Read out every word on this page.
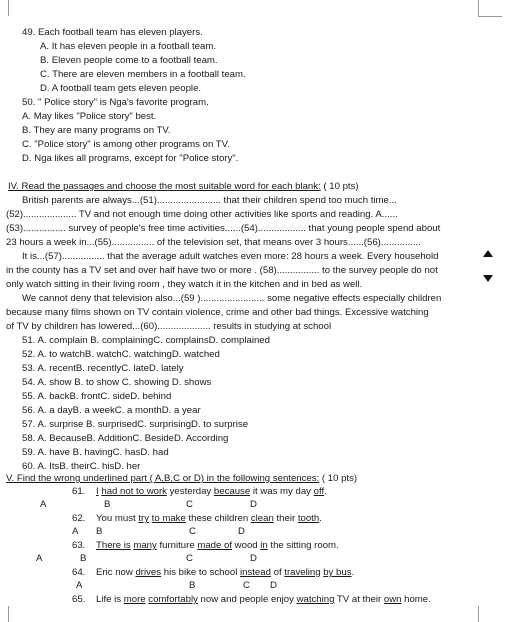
49. Each football team has eleven players.
A. It has eleven people in a football team.
B. Eleven people come to a football team.
C. There are eleven members in a football team.
D. A football team gets eleven people.
50. " Police story" is Nga's favorite program.
A. May likes "Police story" best.
B. They are many programs on TV.
C. "Police story" is among other programs on TV.
D. Nga likes all programs, except for "Police story".
IV. Read the passages and choose the most suitable word for each blank: ( 10 pts)
British parents are always...(51)........................ that their children spend too much time...
(52).................... TV and not enough time doing other activities like sports and reading. A......
(53)................ survey of people's free time activities......(54).................. that young people spend about
23 hours a week in...(55)................ of the television set, that means over 3 hours......(56)...............
It is...(57)................ that the average adult watches even more: 28 hours a week. Every household
in the county has a TV set and over half have two or more . (58)................ to the survey people do not
only watch sitting in their living room , they watch it in the kitchen and in bed as well.
We cannot deny that television also...(59 )........................ some negative effects especially children
because many films shown on TV contain violence, crime and other bad things. Excessive watching
of TV by children has lowered...(60).................... results in studying at school
51. A. complain B. complainingC. complainsD. complained
52. A. to watchB. watchC. watchingD. watched
53. A. recentB. recentlyC. lateD. lately
54. A. show B. to show C. showing D. shows
55. A. backB. frontC. sideD. behind
56. A. a dayB. a weekC. a monthD. a year
57. A. surprise B. surprisedC. surprisingD. to surprise
58. A. BecauseB. AdditionC. BesideD. According
59. A. have B. havingC. hasD. had
60. A. ItsB. theirC. hisD. her
V. Find the wrong underlined part ( A,B,C or D) in the following sentences: ( 10 pts)
61. I had not to work yesterday because it was my day off.
A	B	C	D
62. You must try to make these children clean their tooth.
A B	C	D
63. There is many furniture made of wood in the sitting room.
A	B	C	D
64. Eric now drives his bike to school instead of traveling by bus.
A	B	C D
65. Life is more comfortably now and people enjoy watching TV at their own home.
